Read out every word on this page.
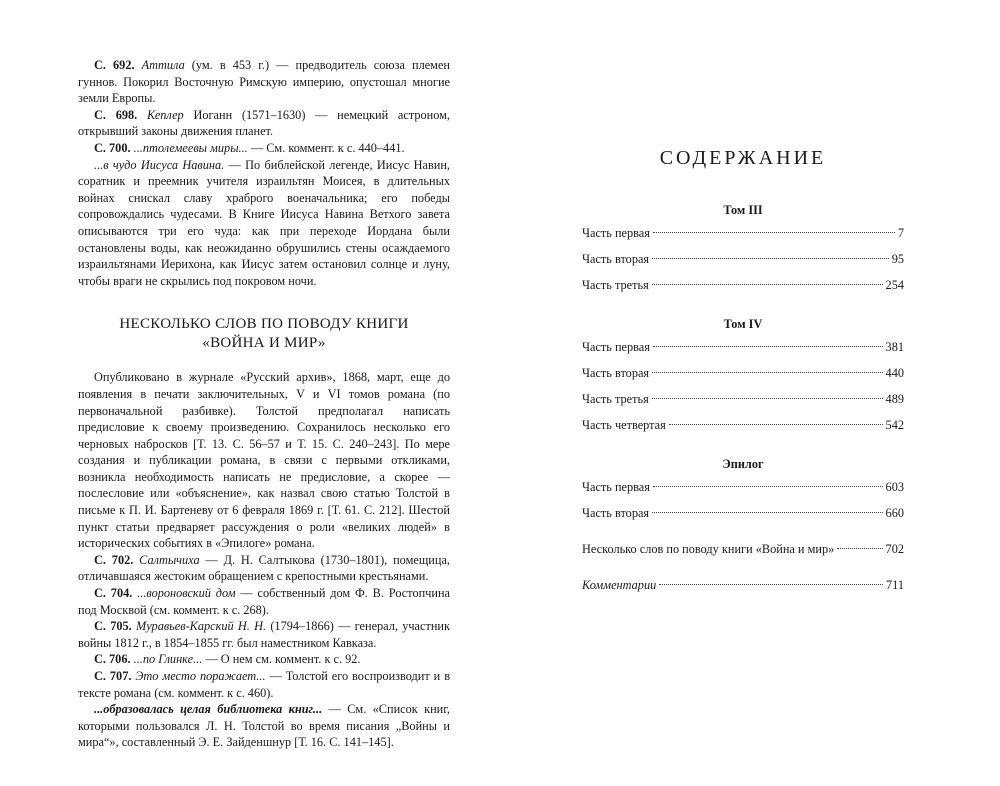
С. 692. Аттила (ум. в 453 г.) — предводитель союза племен гуннов. Покорил Восточную Римскую империю, опустошал многие земли Европы.

С. 698. Кеплер Иоганн (1571–1630) — немецкий астроном, открывший законы движения планет.

С. 700. ...птолемеевы миры... — См. коммент. к с. 440–441.

...в чудо Иисуса Навина. — По библейской легенде, Иисус Навин, соратник и преемник учителя израильтян Моисея, в длительных войнах снискал славу храброго военачальника; его победы сопровождались чудесами. В Книге Иисуса Навина Ветхого завета описываются три его чуда: как при переходе Иордана были остановлены воды, как неожиданно обрушились стены осаждаемого израильтянами Иерихона, как Иисус затем остановил солнце и луну, чтобы враги не скрылись под покровом ночи.

НЕСКОЛЬКО СЛОВ ПО ПОВОДУ КНИГИ
«ВОЙНА И МИР»

Опубликовано в журнале «Русский архив», 1868, март, еще до появления в печати заключительных, V и VI томов романа (по первоначальной разбивке). Толстой предполагал написать предисловие к своему произведению. Сохранилось несколько его черновых набросков [Т. 13. С. 56–57 и Т. 15. С. 240–243]. По мере создания и публикации романа, в связи с первыми откликами, возникла необходимость написать не предисловие, а скорее — послесловие или «объяснение», как назвал свою статью Толстой в письме к П. И. Бартеневу от 6 февраля 1869 г. [Т. 61. С. 212]. Шестой пункт статьи предваряет рассуждения о роли «великих людей» в исторических событиях в «Эпилоге» романа.

С. 702. Салтычиха — Д. Н. Салтыкова (1730–1801), помещица, отличавшаяся жестоким обращением с крепостными крестьянами.

С. 704. ...вороновский дом — собственный дом Ф. В. Ростопчина под Москвой (см. коммент. к с. 268).

С. 705. Муравьев-Карский Н. Н. (1794–1866) — генерал, участник войны 1812 г., в 1854–1855 гг. был наместником Кавказа.

С. 706. ...по Глинке... — О нем см. коммент. к с. 92.

С. 707. Это место поражает... — Толстой его воспроизводит и в тексте романа (см. коммент. к с. 460).

...образовалась целая библиотека книг... — См. «Список книг, которыми пользовался Л. Н. Толстой во время писания „Войны и мира“», составленный Э. Е. Зайденшнур [Т. 16. С. 141–145].

СОДЕРЖАНИЕ
Том III
Часть первая	7
Часть вторая	95
Часть третья	254
Том IV
Часть первая	381
Часть вторая	440
Часть третья	489
Часть четвертая	542
Эпилог
Часть первая	603
Часть вторая	660
Несколько слов по поводу книги «Война и мир»	702
Комментарии	711
